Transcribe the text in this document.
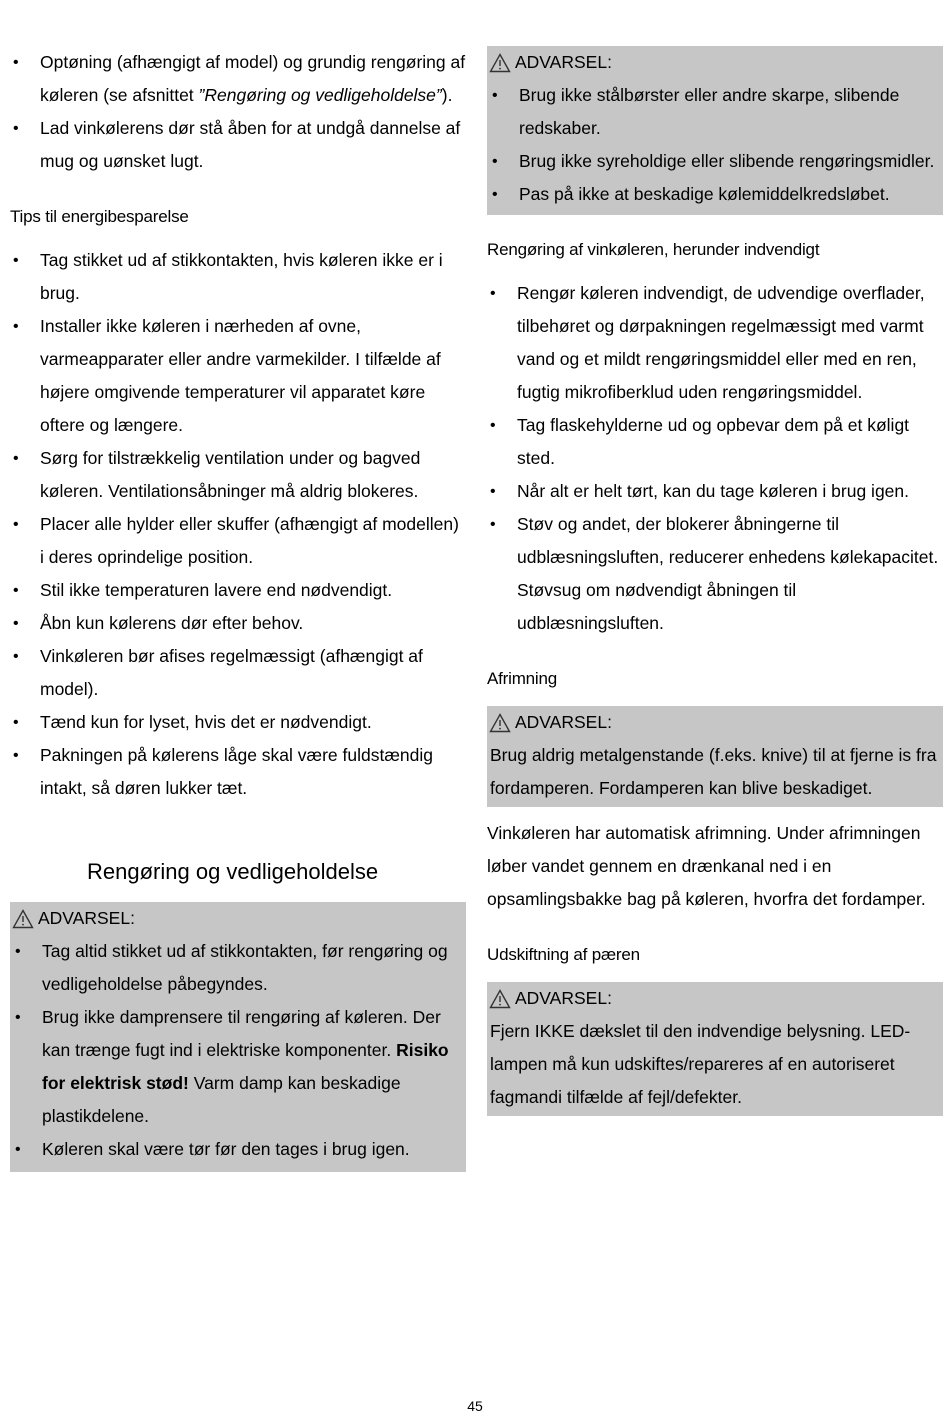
• Optøning (afhængigt af model) og grundig rengøring af køleren (se afsnittet ”Rengøring og vedligeholdelse”).
• Lad vinkølerens dør stå åben for at undgå dannelse af mug og uønsket lugt.
Tips til energibesparelse
• Tag stikket ud af stikkontakten, hvis køleren ikke er i brug.
• Installer ikke køleren i nærheden af ovne, varmeapparater eller andre varmekilder. I tilfælde af højere omgivende temperaturer vil apparatet køre oftere og længere.
• Sørg for tilstrækkelig ventilation under og bagved køleren. Ventilationsåbninger må aldrig blokeres.
• Placer alle hylder eller skuffer (afhængigt af modellen) i deres oprindelige position.
• Stil ikke temperaturen lavere end nødvendigt.
• Åbn kun kølerens dør efter behov.
• Vinkøleren bør afises regelmæssigt (afhængigt af model).
• Tænd kun for lyset, hvis det er nødvendigt.
• Pakningen på kølerens låge skal være fuldstændig intakt, så døren lukker tæt.
Rengøring og vedligeholdelse
ADVARSEL:
• Tag altid stikket ud af stikkontakten, før rengøring og vedligeholdelse påbegyndes.
• Brug ikke damprensere til rengøring af køleren. Der kan trænge fugt ind i elektriske komponenter. Risiko for elektrisk stød! Varm damp kan beskadige plastikdelene.
• Køleren skal være tør før den tages i brug igen.
ADVARSEL:
• Brug ikke stålbørster eller andre skarpe, slibende redskaber.
• Brug ikke syreholdige eller slibende rengøringsmidler.
• Pas på ikke at beskadige kølemiddelkredsløbet.
Rengøring af vinkøleren, herunder indvendigt
• Rengør køleren indvendigt, de udvendige overflader, tilbehøret og dørpakningen regelmæssigt med varmt vand og et mildt rengøringsmiddel eller med en ren, fugtig mikrofiberklud uden rengøringsmiddel.
• Tag flaskehylderne ud og opbevar dem på et køligt sted.
• Når alt er helt tørt, kan du tage køleren i brug igen.
• Støv og andet, der blokerer åbningerne til udblæsningsluften, reducerer enhedens kølekapacitet. Støvsug om nødvendigt åbningen til udblæsningsluften.
Afrimning
ADVARSEL:

Brug aldrig metalgenstande (f.eks. knive) til at fjerne is fra fordamperen. Fordamperen kan blive beskadiget.

Vinkøleren har automatisk afrimning. Under afrimningen løber vandet gennem en drænkanal ned i en opsamlingsbakke bag på køleren, hvorfra det fordamper.

Udskiftning af pæren
ADVARSEL:

Fjern IKKE dækslet til den indvendige belysning. LED-lampen må kun udskiftes/repareres af en autoriseret fagmandi tilfælde af fejl/defekter.

45
